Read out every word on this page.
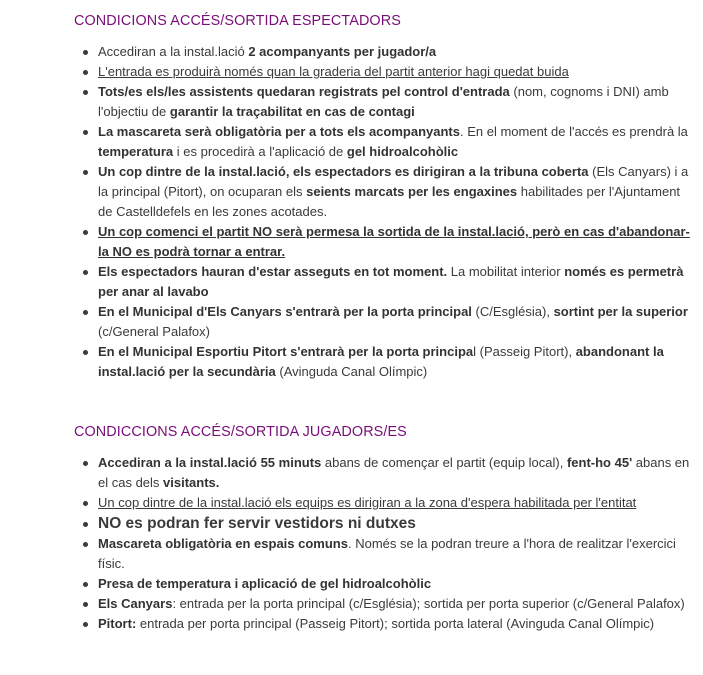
CONDICIONS ACCÉS/SORTIDA ESPECTADORS
Accediran a la instal.lació 2 acompanyants per jugador/a
L'entrada es produirà només quan la graderia del partit anterior hagi quedat buida
Tots/es els/les assistents quedaran registrats pel control d'entrada (nom, cognoms i DNI) amb l'objectiu de garantir la traçabilitat en cas de contagi
La mascareta serà obligatòria per a tots els acompanyants. En el moment de l'accés es prendrà la temperatura i es procedirà a l'aplicació de gel hidroalcohòlic
Un cop dintre de la instal.lació, els espectadors es dirigiran a la tribuna coberta (Els Canyars) i a la principal (Pitort), on ocuparan els seients marcats per les engaxines habilitades per l'Ajuntament de Castelldefels en les zones acotades.
Un cop comenci el partit NO serà permesa la sortida de la instal.lació, però en cas d'abandonar-la NO es podrà tornar a entrar.
Els espectadors hauran d'estar asseguts en tot moment. La mobilitat interior només es permetrà per anar al lavabo
En el Municipal d'Els Canyars s'entrarà per la porta principal (C/Església), sortint per la superior (c/General Palafox)
En el Municipal Esportiu Pitort s'entrarà per la porta principal (Passeig Pitort), abandonant la instal.lació per la secundària (Avinguda Canal Olímpic)
CONDICCIONS ACCÉS/SORTIDA JUGADORS/ES
Accediran a la instal.lació 55 minuts abans de començar el partit (equip local), fent-ho 45' abans en el cas dels visitants.
Un cop dintre de la instal.lació els equips es dirigiran a la zona d'espera habilitada per l'entitat
NO es podran fer servir vestidors ni dutxes
Mascareta obligatòria en espais comuns. Només se la podran treure a l'hora de realitzar l'exercici físic.
Presa de temperatura i aplicació de gel hidroalcohòlic
Els Canyars: entrada per la porta principal (c/Església); sortida per porta superior (c/General Palafox)
Pitort: entrada per porta principal (Passeig Pitort); sortida porta lateral (Avinguda Canal Olímpic)
